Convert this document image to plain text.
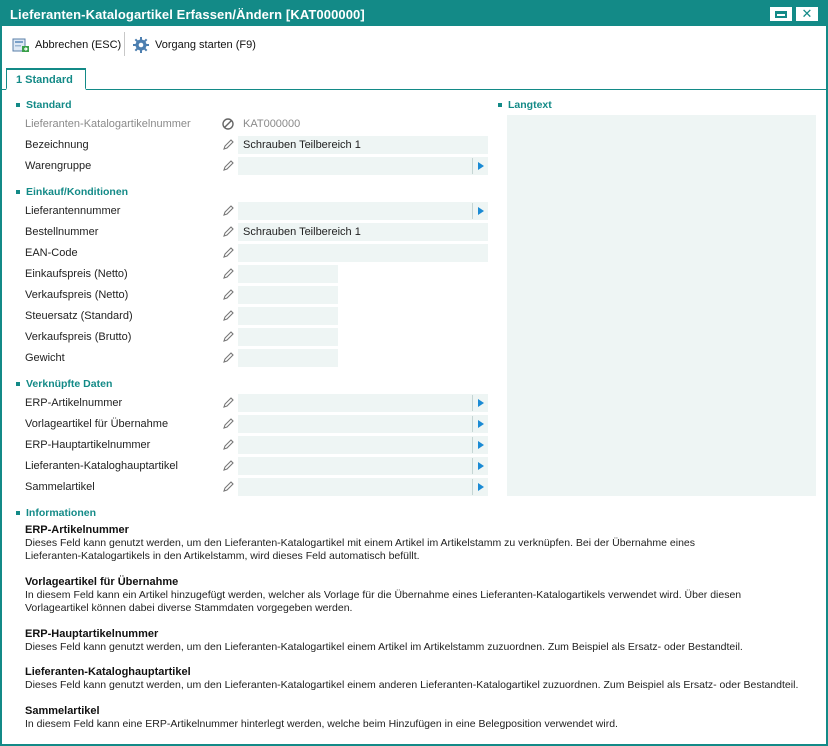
Lieferanten-Katalogartikel Erfassen/Ändern [KAT000000]	✕
Abbrechen (ESC)	Vorgang starten (F9)
1 Standard
Standard
Lieferanten-Katalogartikelnummer	KAT000000
Bezeichnung	Schrauben Teilbereich 1
Warengruppe
Einkauf/Konditionen
Lieferantennummer
Bestellnummer	Schrauben Teilbereich 1
EAN-Code
Einkaufspreis (Netto)
Verkaufspreis (Netto)
Steuersatz (Standard)
Verkaufspreis (Brutto)
Gewicht
Verknüpfte Daten
ERP-Artikelnummer
Vorlageartikel für Übernahme
ERP-Hauptartikelnummer
Lieferanten-Kataloghauptartikel
Sammelartikel
Langtext
Informationen
ERP-Artikelnummer
Dieses Feld kann genutzt werden, um den Lieferanten-Katalogartikel mit einem Artikel im Artikelstamm zu verknüpfen. Bei der Übernahme eines
Lieferanten-Katalogartikels in den Artikelstamm, wird dieses Feld automatisch befüllt.
Vorlageartikel für Übernahme
In diesem Feld kann ein Artikel hinzugefügt werden, welcher als Vorlage für die Übernahme eines Lieferanten-Katalogartikels verwendet wird. Über diesen
Vorlageartikel können dabei diverse Stammdaten vorgegeben werden.
ERP-Hauptartikelnummer
Dieses Feld kann genutzt werden, um den Lieferanten-Katalogartikel einem Artikel im Artikelstamm zuzuordnen. Zum Beispiel als Ersatz- oder Bestandteil.
Lieferanten-Kataloghauptartikel
Dieses Feld kann genutzt werden, um den Lieferanten-Katalogartikel einem anderen Lieferanten-Katalogartikel zuzuordnen. Zum Beispiel als Ersatz- oder Bestandteil.
Sammelartikel
In diesem Feld kann eine ERP-Artikelnummer hinterlegt werden, welche beim Hinzufügen in eine Belegposition verwendet wird.
